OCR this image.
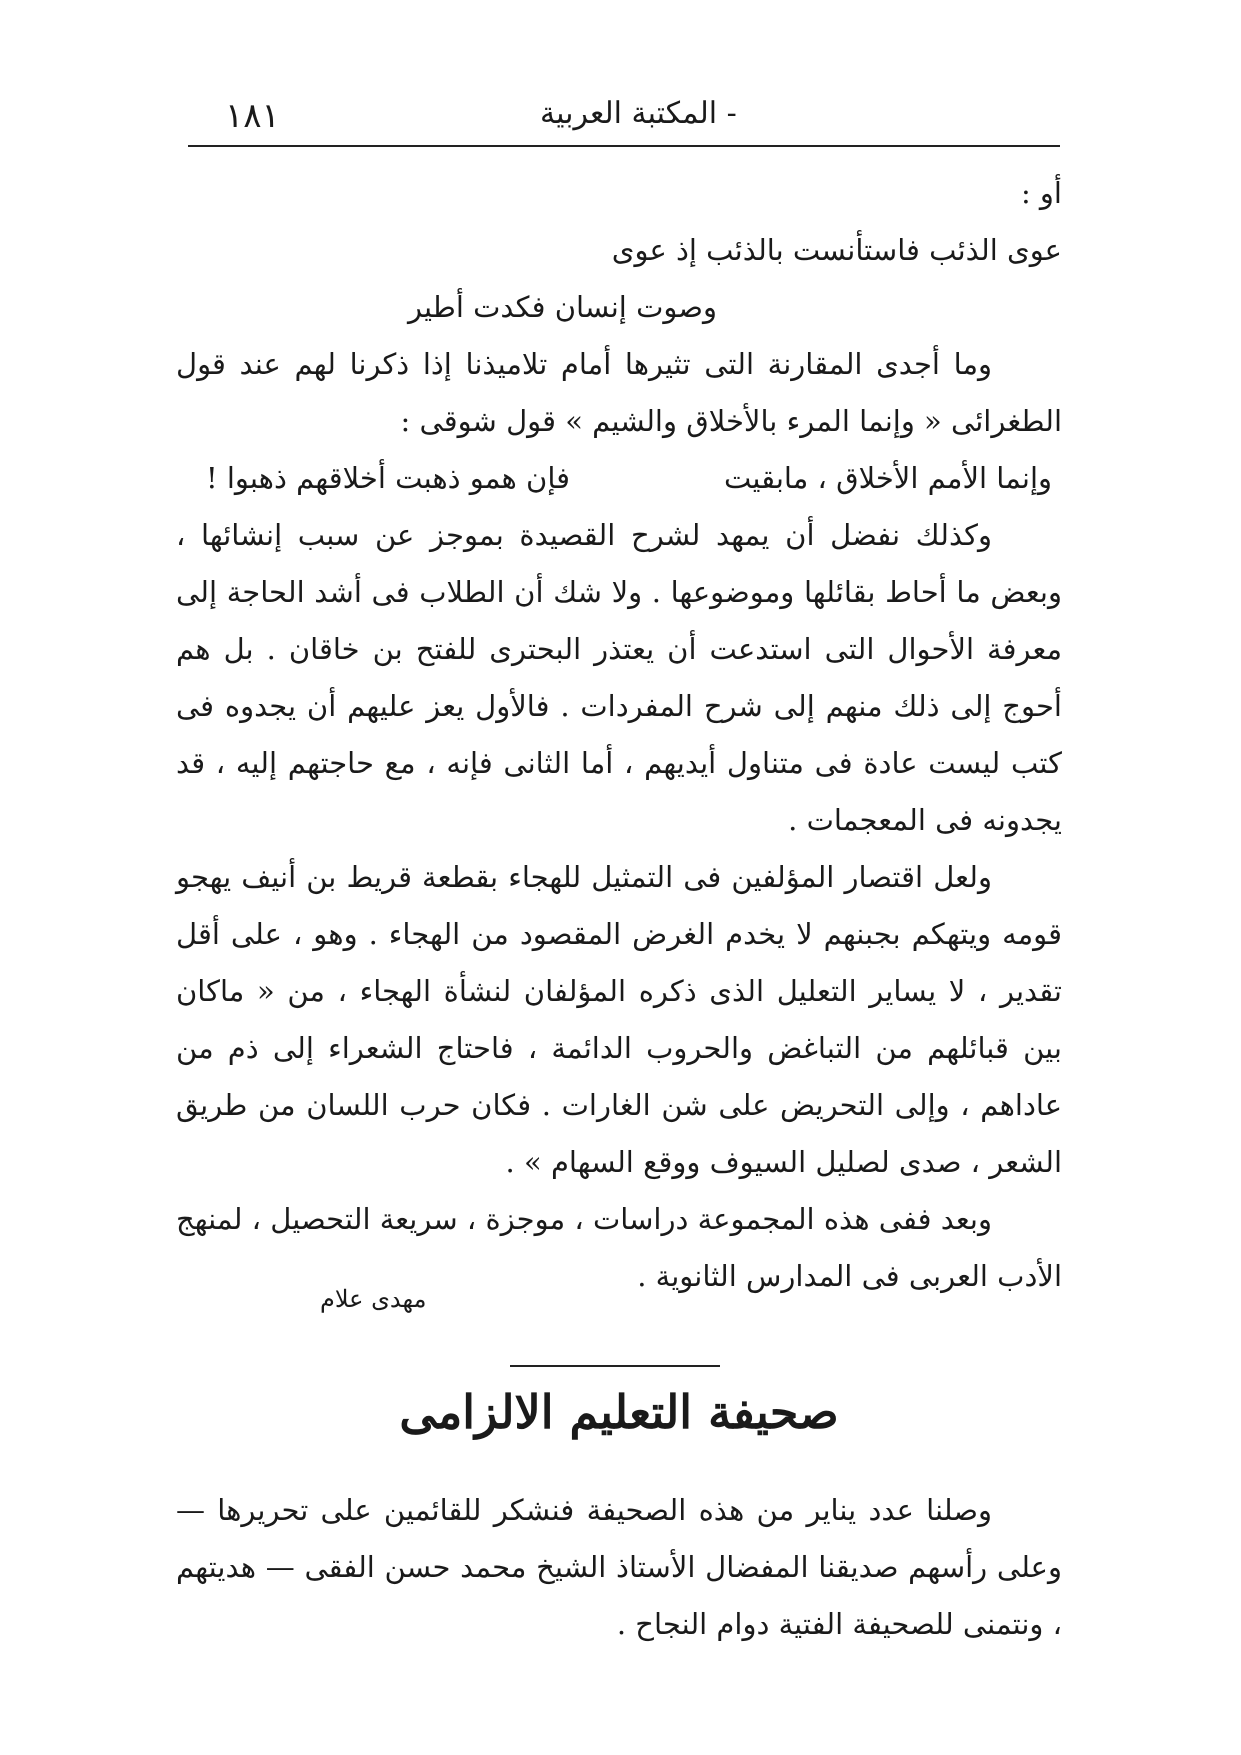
١٨١	- المكتبة العربية

أو :

عوى الذئب فاستأنست بالذئب إذ عوى

وصوت إنسان فكدت أطير

وما أجدى المقارنة التى تثيرها أمام تلاميذنا إذا ذكرنا لهم عند قول الطغرائى « وإنما المرء بالأخلاق والشيم » قول شوقى :

وإنما الأمم الأخلاق ، مابقيت
فإن همو ذهبت أخلاقهم ذهبوا !

وكذلك نفضل أن يمهد لشرح القصيدة بموجز عن سبب إنشائها ، وبعض ما أحاط بقائلها وموضوعها . ولا شك أن الطلاب فى أشد الحاجة إلى معرفة الأحوال التى استدعت أن يعتذر البحترى للفتح بن خاقان . بل هم أحوج إلى ذلك منهم إلى شرح المفردات . فالأول يعز عليهم أن يجدوه فى كتب ليست عادة فى متناول أيديهم ، أما الثانى فإنه ، مع حاجتهم إليه ، قد يجدونه فى المعجمات .

ولعل اقتصار المؤلفين فى التمثيل للهجاء بقطعة قريط بن أنيف يهجو قومه ويتهكم بجبنهم لا يخدم الغرض المقصود من الهجاء . وهو ، على أقل تقدير ، لا يساير التعليل الذى ذكره المؤلفان لنشأة الهجاء ، من « ماكان بين قبائلهم من التباغض والحروب الدائمة ، فاحتاج الشعراء إلى ذم من عاداهم ، وإلى التحريض على شن الغارات . فكان حرب اللسان من طريق الشعر ، صدى لصليل السيوف ووقع السهام » .

وبعد ففى هذه المجموعة دراسات ، موجزة ، سريعة التحصيل ، لمنهج الأدب العربى فى المدارس الثانوية .

مهدى علام
صحيفة التعليم الالزامى

وصلنا عدد يناير من هذه الصحيفة فنشكر للقائمين على تحريرها — وعلى رأسهم صديقنا المفضال الأستاذ الشيخ محمد حسن الفقى — هديتهم ، ونتمنى للصحيفة الفتية دوام النجاح .
